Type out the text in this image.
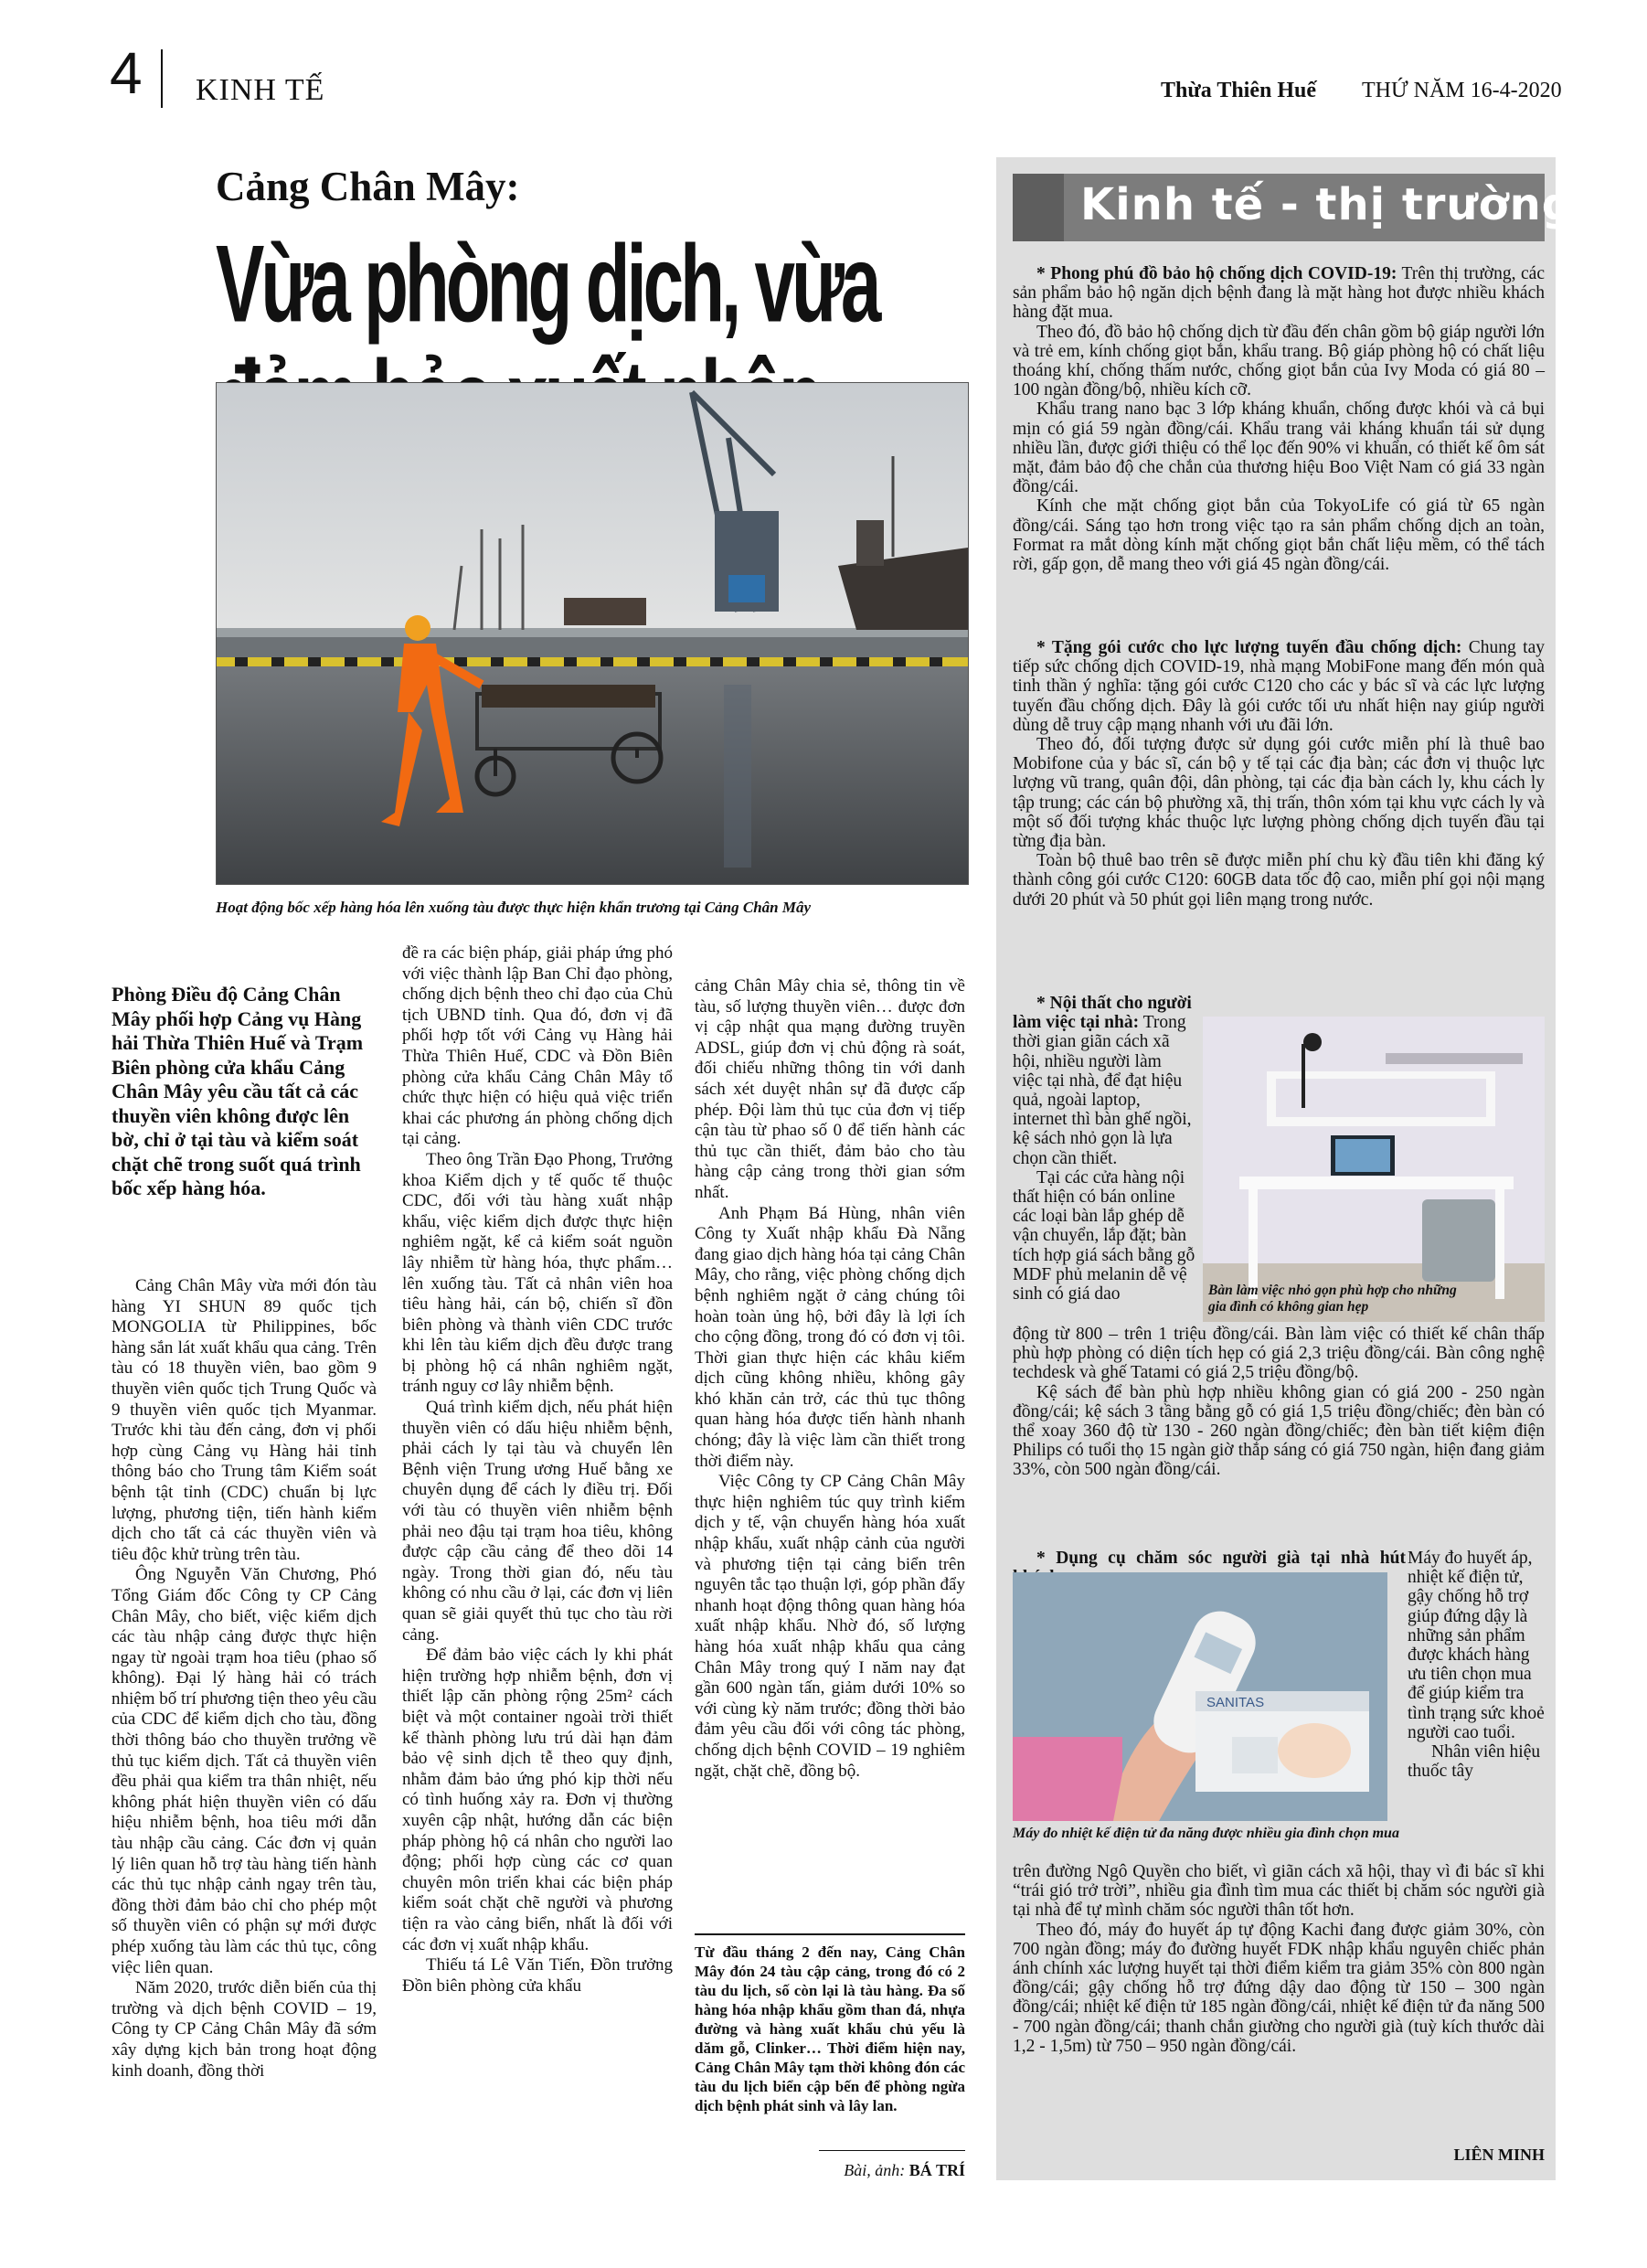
4 KINH TẾ	Thừa Thiên Huế THỨ NĂM 16-4-2020
Cảng Chân Mây:
Vừa phòng dịch, vừa
Hoạt động bốc xếp hàng hóa lên xuống tàu được thực hiện khẩn trương tại Cảng Chân Mây
Phòng Điều độ Cảng Chân Mây phối hợp Cảng vụ Hàng hải Thừa Thiên Huế và Trạm Biên phòng cửa khẩu Cảng Chân Mây yêu cầu tất cả các thuyền viên không được lên bờ, chỉ ở tại tàu và kiểm soát chặt chẽ trong suốt quá trình bốc xếp hàng hóa.

Cảng Chân Mây vừa mới đón tàu hàng YI SHUN 89 quốc tịch MONGOLIA từ Philippines, bốc hàng sắn lát xuất khẩu qua cảng. Trên tàu có 18 thuyền viên, bao gồm 9 thuyền viên quốc tịch Trung Quốc và 9 thuyền viên quốc tịch Myanmar. Trước khi tàu đến cảng, đơn vị phối hợp cùng Cảng vụ Hàng hải tỉnh thông báo cho Trung tâm Kiểm soát bệnh tật tỉnh (CDC) chuẩn bị lực lượng, phương tiện, tiến hành kiểm dịch cho tất cả các thuyền viên và tiêu độc khử trùng trên tàu.

Ông Nguyễn Văn Chương, Phó Tổng Giám đốc Công ty CP Cảng Chân Mây, cho biết, việc kiểm dịch các tàu nhập cảng được thực hiện ngay từ ngoài trạm hoa tiêu (phao số không). Đại lý hàng hải có trách nhiệm bố trí phương tiện theo yêu cầu của CDC để kiểm dịch cho tàu, đồng thời thông báo cho thuyền trưởng về thủ tục kiểm dịch. Tất cả thuyền viên đều phải qua kiểm tra thân nhiệt, nếu không phát hiện thuyền viên có dấu hiệu nhiễm bệnh, hoa tiêu mới dẫn tàu nhập cầu cảng. Các đơn vị quản lý liên quan hỗ trợ tàu hàng tiến hành các thủ tục nhập cảnh ngay trên tàu, đồng thời đảm bảo chỉ cho phép một số thuyền viên có phận sự mới được phép xuống tàu làm các thủ tục, công việc liên quan.

Năm 2020, trước diễn biến của thị trường và dịch bệnh COVID – 19, Công ty CP Cảng Chân Mây đã sớm xây dựng kịch bản trong hoạt động kinh doanh, đồng thời

đề ra các biện pháp, giải pháp ứng phó với việc thành lập Ban Chỉ đạo phòng, chống dịch bệnh theo chỉ đạo của Chủ tịch UBND tỉnh. Qua đó, đơn vị đã phối hợp tốt với Cảng vụ Hàng hải Thừa Thiên Huế, CDC và Đồn Biên phòng cửa khẩu Cảng Chân Mây tổ chức thực hiện có hiệu quả việc triển khai các phương án phòng chống dịch tại cảng.

Theo ông Trần Đạo Phong, Trưởng khoa Kiểm dịch y tế quốc tế thuộc CDC, đối với tàu hàng xuất nhập khẩu, việc kiểm dịch được thực hiện nghiêm ngặt, kể cả kiểm soát nguồn lây nhiễm từ hàng hóa, thực phẩm… lên xuống tàu. Tất cả nhân viên hoa tiêu hàng hải, cán bộ, chiến sĩ đồn biên phòng và thành viên CDC trước khi lên tàu kiểm dịch đều được trang bị phòng hộ cá nhân nghiêm ngặt, tránh nguy cơ lây nhiễm bệnh.

Quá trình kiểm dịch, nếu phát hiện thuyền viên có dấu hiệu nhiễm bệnh, phải cách ly tại tàu và chuyển lên Bệnh viện Trung ương Huế bằng xe chuyên dụng để cách ly điều trị. Đối với tàu có thuyền viên nhiễm bệnh phải neo đậu tại trạm hoa tiêu, không được cập cầu cảng để theo dõi 14 ngày. Trong thời gian đó, nếu tàu không có nhu cầu ở lại, các đơn vị liên quan sẽ giải quyết thủ tục cho tàu rời cảng.

Để đảm bảo việc cách ly khi phát hiện trường hợp nhiễm bệnh, đơn vị thiết lập căn phòng rộng 25m² cách biệt và một container ngoài trời thiết kế thành phòng lưu trú dài hạn đảm bảo vệ sinh dịch tễ theo quy định, nhằm đảm bảo ứng phó kịp thời nếu có tình huống xảy ra. Đơn vị thường xuyên cập nhật, hướng dẫn các biện pháp phòng hộ cá nhân cho người lao động; phối hợp cùng các cơ quan chuyên môn triển khai các biện pháp kiểm soát chặt chẽ người và phương tiện ra vào cảng biển, nhất là đối với các đơn vị xuất nhập khẩu.

Thiếu tá Lê Văn Tiến, Đồn trưởng Đồn biên phòng cửa khẩu

cảng Chân Mây chia sẻ, thông tin về tàu, số lượng thuyền viên… được đơn vị cập nhật qua mạng đường truyền ADSL, giúp đơn vị chủ động rà soát, đối chiếu những thông tin với danh sách xét duyệt nhân sự đã được cấp phép. Đội làm thủ tục của đơn vị tiếp cận tàu từ phao số 0 để tiến hành các thủ tục cần thiết, đảm bảo cho tàu hàng cập cảng trong thời gian sớm nhất.

Anh Phạm Bá Hùng, nhân viên Công ty Xuất nhập khẩu Đà Nẵng đang giao dịch hàng hóa tại cảng Chân Mây, cho rằng, việc phòng chống dịch bệnh nghiêm ngặt ở cảng chúng tôi hoàn toàn ủng hộ, bởi đây là lợi ích cho cộng đồng, trong đó có đơn vị tôi. Thời gian thực hiện các khâu kiểm dịch cũng không nhiều, không gây khó khăn cản trở, các thủ tục thông quan hàng hóa được tiến hành nhanh chóng; đây là việc làm cần thiết trong thời điểm này.

Việc Công ty CP Cảng Chân Mây thực hiện nghiêm túc quy trình kiểm dịch y tế, vận chuyển hàng hóa xuất nhập khẩu, xuất nhập cảnh của người và phương tiện tại cảng biển trên nguyên tắc tạo thuận lợi, góp phần đẩy nhanh hoạt động thông quan hàng hóa xuất nhập khẩu. Nhờ đó, số lượng hàng hóa xuất nhập khẩu qua cảng Chân Mây trong quý I năm nay đạt gần 600 ngàn tấn, giảm dưới 10% so với cùng kỳ năm trước; đồng thời bảo đảm yêu cầu đối với công tác phòng, chống dịch bệnh COVID – 19 nghiêm ngặt, chặt chẽ, đồng bộ.

Từ đầu tháng 2 đến nay, Cảng Chân Mây đón 24 tàu cập cảng, trong đó có 2 tàu du lịch, số còn lại là tàu hàng. Đa số hàng hóa nhập khẩu gồm than đá, nhựa đường và hàng xuất khẩu chủ yếu là dăm gỗ, Clinker… Thời điểm hiện nay, Cảng Chân Mây tạm thời không đón các tàu du lịch biển cập bến để phòng ngừa dịch bệnh phát sinh và lây lan.
Bài, ảnh: BÁ TRÍ
Kinh tế - thị trường

* Phong phú đồ bảo hộ chống dịch COVID-19: Trên thị trường, các sản phẩm bảo hộ ngăn dịch bệnh đang là mặt hàng hot được nhiều khách hàng đặt mua.

Theo đó, đồ bảo hộ chống dịch từ đầu đến chân gồm bộ giáp người lớn và trẻ em, kính chống giọt bắn, khẩu trang. Bộ giáp phòng hộ có chất liệu thoáng khí, chống thấm nước, chống giọt bắn của Ivy Moda có giá 80 – 100 ngàn đồng/bộ, nhiều kích cỡ.

Khẩu trang nano bạc 3 lớp kháng khuẩn, chống được khói và cả bụi mịn có giá 59 ngàn đồng/cái. Khẩu trang vải kháng khuẩn tái sử dụng nhiều lần, được giới thiệu có thể lọc đến 90% vi khuẩn, có thiết kế ôm sát mặt, đảm bảo độ che chắn của thương hiệu Boo Việt Nam có giá 33 ngàn đồng/cái.

Kính che mặt chống giọt bắn của TokyoLife có giá từ 65 ngàn đồng/cái. Sáng tạo hơn trong việc tạo ra sản phẩm chống dịch an toàn, Format ra mắt dòng kính mặt chống giọt bắn chất liệu mềm, có thể tách rời, gấp gọn, dễ mang theo với giá 45 ngàn đồng/cái.

* Tặng gói cước cho lực lượng tuyến đầu chống dịch: Chung tay tiếp sức chống dịch COVID-19, nhà mạng MobiFone mang đến món quà tinh thần ý nghĩa: tặng gói cước C120 cho các y bác sĩ và các lực lượng tuyến đầu chống dịch. Đây là gói cước tối ưu nhất hiện nay giúp người dùng dễ truy cập mạng nhanh với ưu đãi lớn.

Theo đó, đối tượng được sử dụng gói cước miễn phí là thuê bao Mobifone của y bác sĩ, cán bộ y tế tại các địa bàn; các đơn vị thuộc lực lượng vũ trang, quân đội, dân phòng, tại các địa bàn cách ly, khu cách ly tập trung; các cán bộ phường xã, thị trấn, thôn xóm tại khu vực cách ly và một số đối tượng khác thuộc lực lượng phòng chống dịch tuyến đầu tại từng địa bàn.

Toàn bộ thuê bao trên sẽ được miễn phí chu kỳ đầu tiên khi đăng ký thành công gói cước C120: 60GB data tốc độ cao, miễn phí gọi nội mạng dưới 20 phút và 50 phút gọi liên mạng trong nước.

* Nội thất cho người làm việc tại nhà: Trong thời gian giãn cách xã hội, nhiều người làm việc tại nhà, để đạt hiệu quả, ngoài laptop, internet thì bàn ghế ngồi, kệ sách nhỏ gọn là lựa chọn cần thiết.

Tại các cửa hàng nội thất hiện có bán online các loại bàn lắp ghép dễ vận chuyển, lắp đặt; bàn tích hợp giá sách bằng gỗ MDF phủ melanin dễ vệ sinh có giá dao	Bàn làm việc nhỏ gọn phù hợp cho những gia đình có không gian hẹp

động từ 800 – trên 1 triệu đồng/cái. Bàn làm việc có thiết kế chân thấp phù hợp phòng có diện tích hẹp có giá 2,3 triệu đồng/cái. Bàn công nghệ techdesk và ghế Tatami có giá 2,5 triệu đồng/bộ.

Kệ sách để bàn phù hợp nhiều không gian có giá 200 - 250 ngàn đồng/cái; kệ sách 3 tầng bằng gỗ có giá 1,5 triệu đồng/chiếc; đèn bàn có thể xoay 360 độ từ 130 - 260 ngàn đồng/chiếc; đèn bàn tiết kiệm điện Philips có tuổi thọ 15 ngàn giờ thắp sáng có giá 750 ngàn, hiện đang giảm 33%, còn 500 ngàn đồng/cái.

* Dụng cụ chăm sóc người già tại nhà hút Máy đo huyết áp, nhiệt kế điện tử, gậy chống hỗ trợ giúp đứng dậy là những sản phẩm được khách hàng ưu tiên chọn mua để giúp kiểm tra tình trạng sức khoẻ người cao tuổi.

Nhân viên hiệu thuốc tây

SANITAS
Máy đo nhiệt kế điện tử đa năng được nhiều gia đình chọn mua

trên đường Ngô Quyền cho biết, vì giãn cách xã hội, thay vì đi bác sĩ khi “trái gió trở trời”, nhiều gia đình tìm mua các thiết bị chăm sóc người già tại nhà để tự mình chăm sóc người thân tốt hơn.

Theo đó, máy đo huyết áp tự động Kachi đang được giảm 30%, còn 700 ngàn đồng; máy đo đường huyết FDK nhập khẩu nguyên chiếc phản ánh chính xác lượng huyết tại thời điểm kiểm tra giảm 35% còn 800 ngàn đồng/cái; gậy chống hỗ trợ đứng dậy dao động từ 150 – 300 ngàn đồng/cái; nhiệt kế điện tử 185 ngàn đồng/cái, nhiệt kế điện tử đa năng 500 - 700 ngàn đồng/cái; thanh chắn giường cho người già (tuỳ kích thước dài 1,2 - 1,5m) từ 750 – 950 ngàn đồng/cái.

LIÊN MINH
